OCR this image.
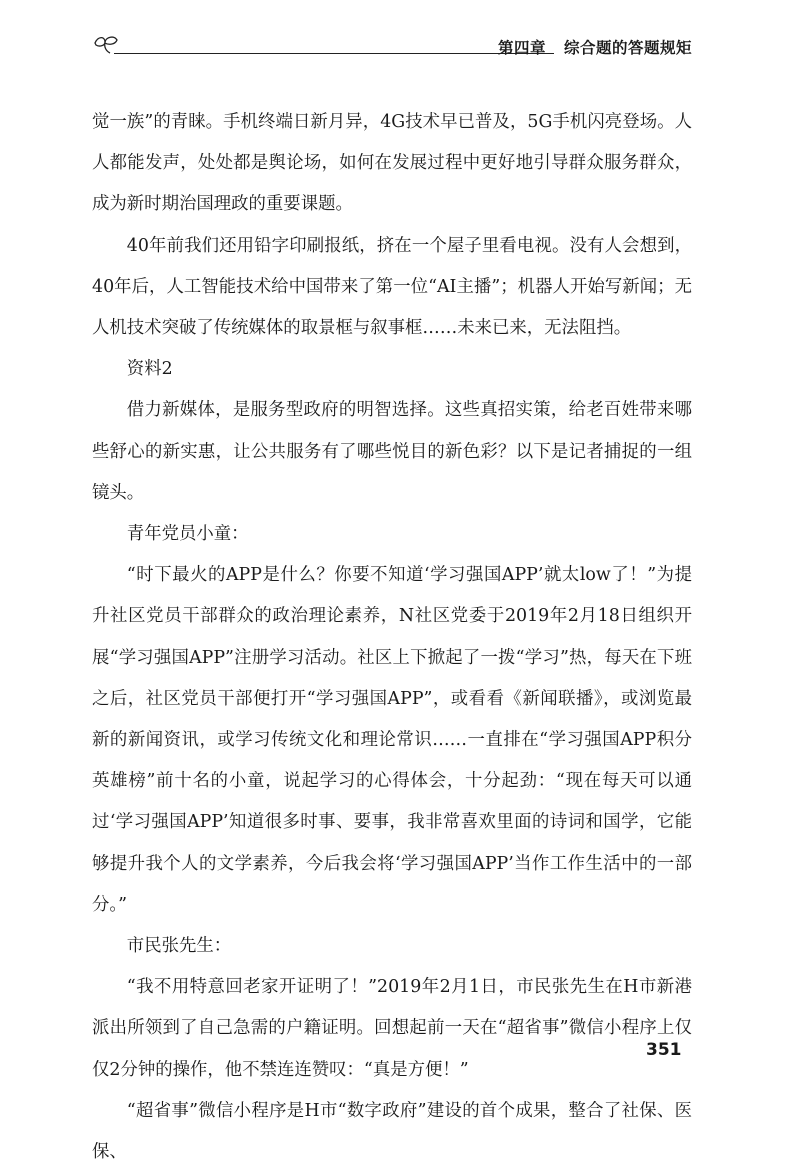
第四章 综合题的答题规矩

觉一族”的青睐。手机终端日新月异，4G技术早已普及，5G手机闪亮登场。人人都能发声，处处都是舆论场，如何在发展过程中更好地引导群众服务群众，成为新时期治国理政的重要课题。

40年前我们还用铅字印刷报纸，挤在一个屋子里看电视。没有人会想到，40年后，人工智能技术给中国带来了第一位“AI主播”；机器人开始写新闻；无人机技术突破了传统媒体的取景框与叙事框……未来已来，无法阻挡。

资料2

借力新媒体，是服务型政府的明智选择。这些真招实策，给老百姓带来哪些舒心的新实惠，让公共服务有了哪些悦目的新色彩？以下是记者捕捉的一组镜头。

青年党员小童：

“时下最火的APP是什么？你要不知道‘学习强国APP’就太low了！”为提升社区党员干部群众的政治理论素养，N社区党委于2019年2月18日组织开展“学习强国APP”注册学习活动。社区上下掀起了一拨“学习”热，每天在下班之后，社区党员干部便打开“学习强国APP”，或看看《新闻联播》，或浏览最新的新闻资讯，或学习传统文化和理论常识……一直排在“学习强国APP积分英雄榜”前十名的小童，说起学习的心得体会，十分起劲：“现在每天可以通过‘学习强国APP’知道很多时事、要事，我非常喜欢里面的诗词和国学，它能够提升我个人的文学素养，今后我会将‘学习强国APP’当作工作生活中的一部分。”

市民张先生：

“我不用特意回老家开证明了！”2019年2月1日，市民张先生在H市新港派出所领到了自己急需的户籍证明。回想起前一天在“超省事”微信小程序上仅仅2分钟的操作，他不禁连连赞叹：“真是方便！”

“超省事”微信小程序是H市“数字政府”建设的首个成果，整合了社保、医保、

351
